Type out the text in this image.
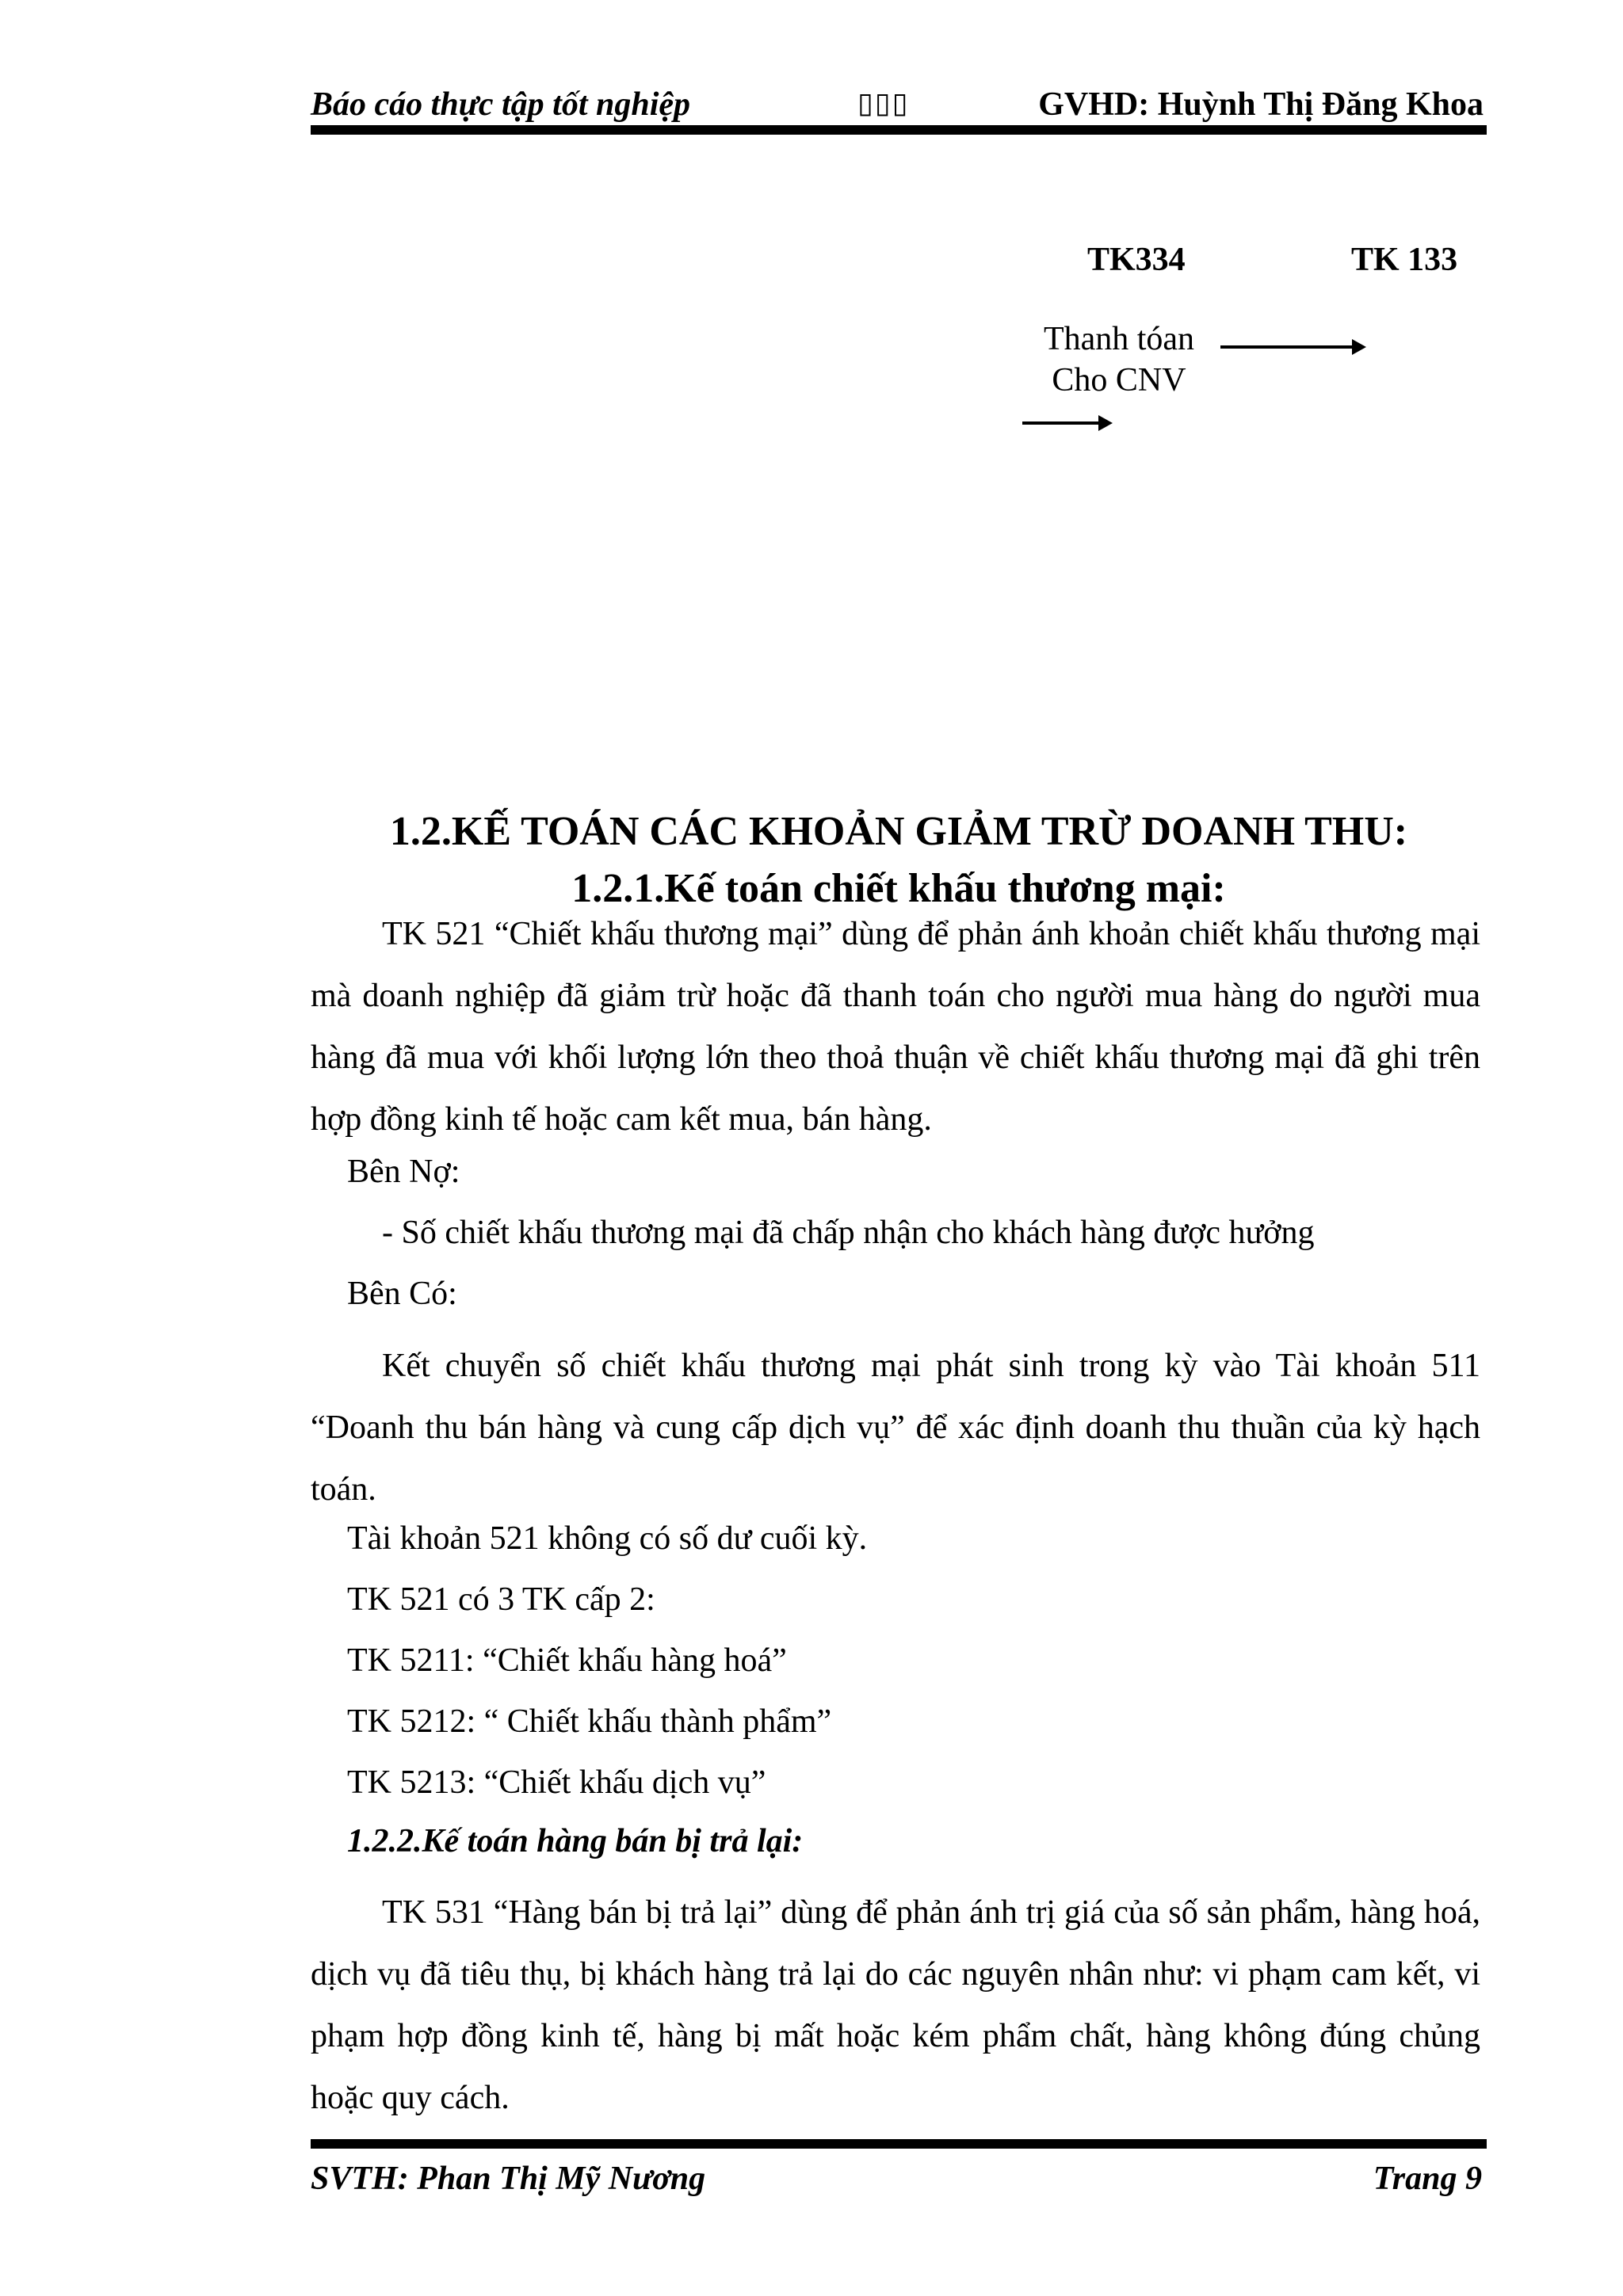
Báo cáo thực tập tốt nghiệp	▯▯▯	GVHD: Huỳnh Thị Đăng Khoa
TK334	TK 133
Thanh tóan
Cho CNV
1.2.KẾ TOÁN CÁC KHOẢN GIẢM TRỪ DOANH THU:
1.2.1.Kế toán chiết khấu thương mại:
TK 521 “Chiết khấu thương mại” dùng để phản ánh khoản chiết khấu thương mại mà doanh nghiệp đã giảm trừ hoặc đã thanh toán cho người mua hàng do người mua hàng đã mua với khối lượng lớn theo thoả thuận về chiết khấu thương mại đã ghi trên hợp đồng kinh tế hoặc cam kết mua, bán hàng.
Bên Nợ:
- Số chiết khấu thương mại đã chấp nhận cho khách hàng được hưởng
Bên Có:
Kết chuyển số chiết khấu thương mại phát sinh trong kỳ vào Tài khoản 511 “Doanh thu bán hàng và cung cấp dịch vụ” để xác định doanh thu thuần của kỳ hạch toán.
Tài khoản 521 không có số dư cuối kỳ.
TK 521 có 3 TK cấp 2:
TK 5211: “Chiết khấu hàng hoá”
TK 5212: “ Chiết khấu thành phẩm”
TK 5213: “Chiết khấu dịch vụ”
1.2.2.Kế toán hàng bán bị trả lại:
TK 531 “Hàng bán bị trả lại” dùng để phản ánh trị giá của số sản phẩm, hàng hoá, dịch vụ đã tiêu thụ, bị khách hàng trả lại do các nguyên nhân như: vi phạm cam kết, vi phạm hợp đồng kinh tế, hàng bị mất hoặc kém phẩm chất, hàng không đúng chủng hoặc quy cách.
SVTH: Phan Thị Mỹ Nương	Trang 9
